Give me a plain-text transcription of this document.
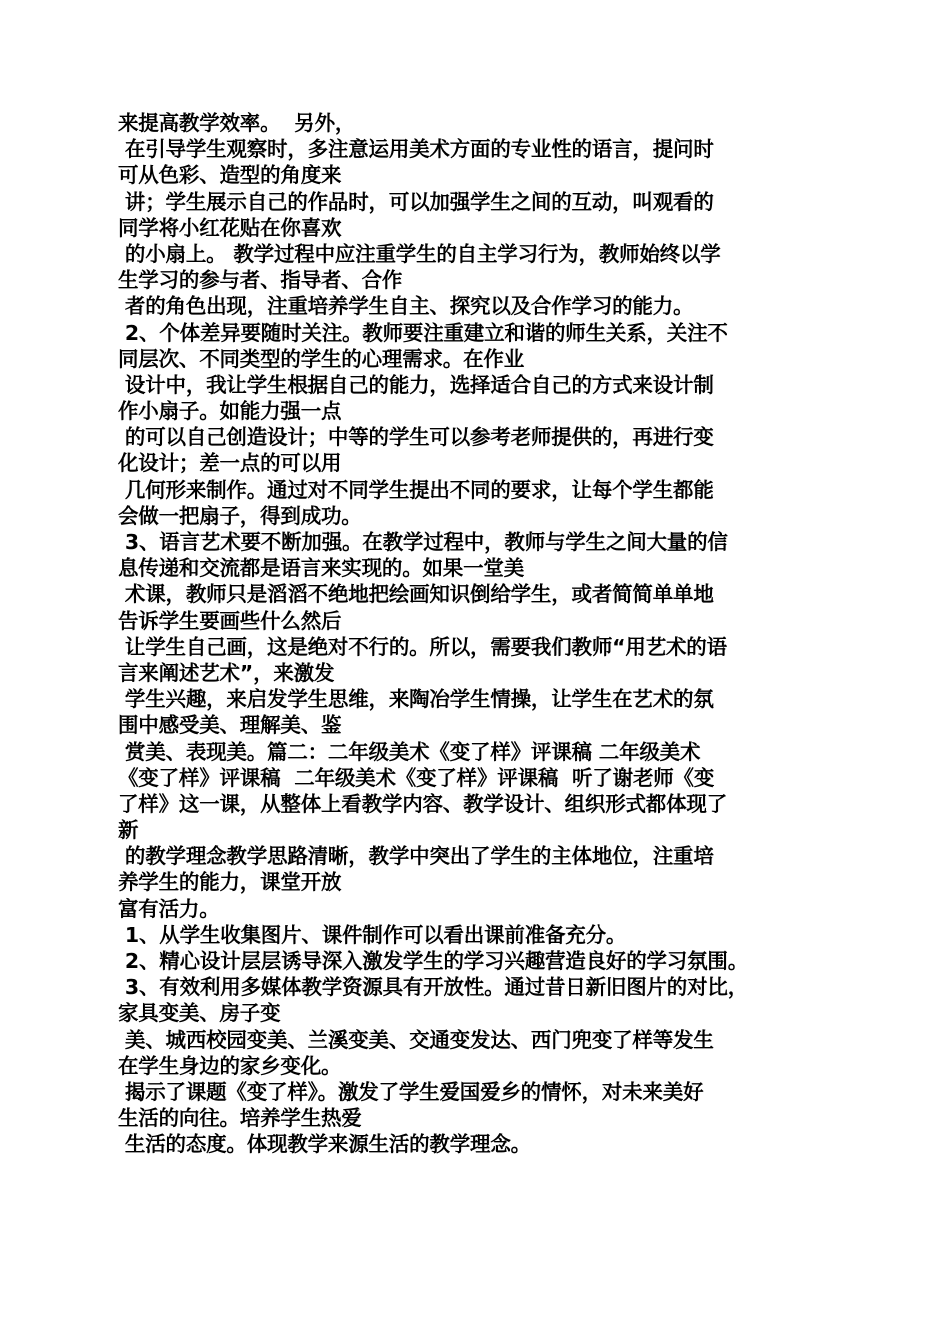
来提高教学效率。  另外，
在引导学生观察时，多注意运用美术方面的专业性的语言，提问时
可从色彩、造型的角度来
讲；学生展示自己的作品时，可以加强学生之间的互动，叫观看的
同学将小红花贴在你喜欢
的小扇上。 教学过程中应注重学生的自主学习行为，教师始终以学
生学习的参与者、指导者、合作
者的角色出现，注重培养学生自主、探究以及合作学习的能力。
2、个体差异要随时关注。教师要注重建立和谐的师生关系，关注不
同层次、不同类型的学生的心理需求。在作业
设计中，我让学生根据自己的能力，选择适合自己的方式来设计制
作小扇子。如能力强一点
的可以自己创造设计；中等的学生可以参考老师提供的，再进行变
化设计；差一点的可以用
几何形来制作。通过对不同学生提出不同的要求，让每个学生都能
会做一把扇子，得到成功。
3、语言艺术要不断加强。在教学过程中，教师与学生之间大量的信
息传递和交流都是语言来实现的。如果一堂美
术课，教师只是滔滔不绝地把绘画知识倒给学生，或者简简单单地
告诉学生要画些什么然后
让学生自己画，这是绝对不行的。所以，需要我们教师“用艺术的语
言来阐述艺术”，来激发
学生兴趣，来启发学生思维，来陶冶学生情操，让学生在艺术的氛
围中感受美、理解美、鉴
赏美、表现美。篇二：二年级美术《变了样》评课稿 二年级美术
《变了样》评课稿  二年级美术《变了样》评课稿  听了谢老师《变
了样》这一课，从整体上看教学内容、教学设计、组织形式都体现了
新
的教学理念教学思路清晰，教学中突出了学生的主体地位，注重培
养学生的能力，课堂开放
富有活力。
1、从学生收集图片、课件制作可以看出课前准备充分。
2、精心设计层层诱导深入激发学生的学习兴趣营造良好的学习氛围。
3、有效利用多媒体教学资源具有开放性。通过昔日新旧图片的对比，
家具变美、房子变
美、城西校园变美、兰溪变美、交通变发达、西门兜变了样等发生
在学生身边的家乡变化。
揭示了课题《变了样》。激发了学生爱国爱乡的情怀，对未来美好
生活的向往。培养学生热爱
生活的态度。体现教学来源生活的教学理念。
